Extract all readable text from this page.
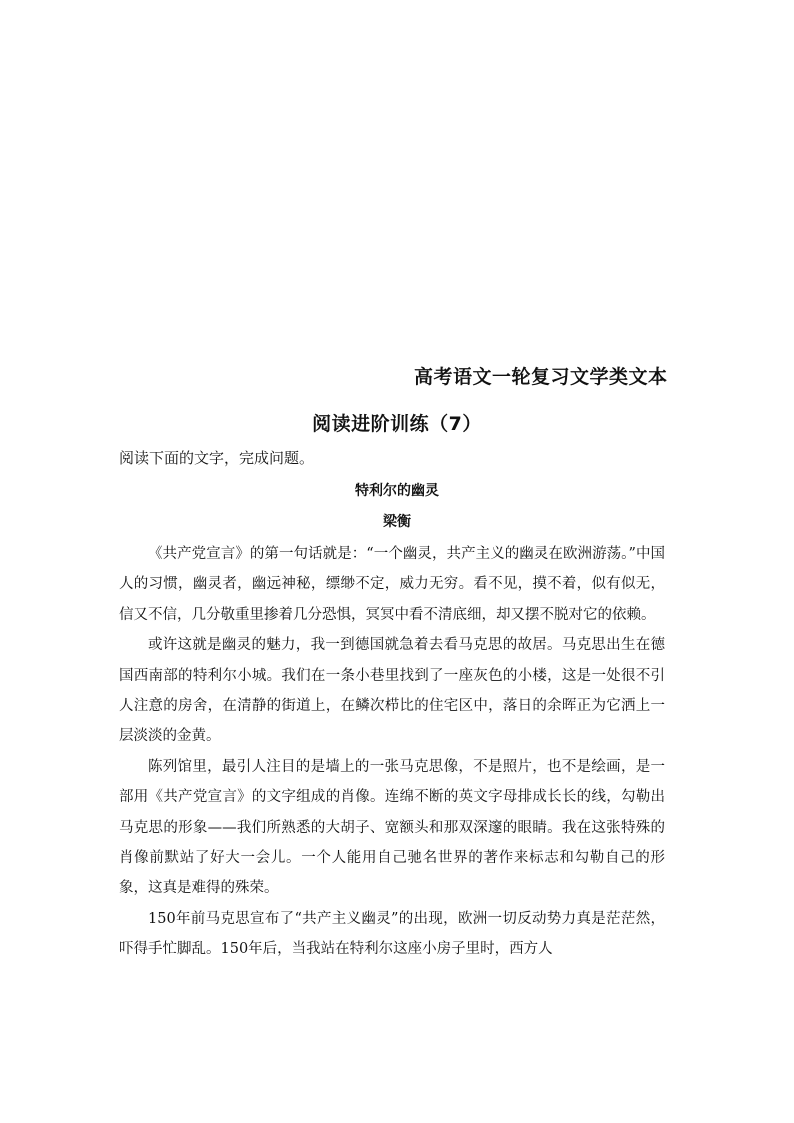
高考语文一轮复习文学类文本
阅读进阶训练（7）
阅读下面的文字，完成问题。
特利尔的幽灵
梁衡

《共产党宣言》的第一句话就是：“一个幽灵，共产主义的幽灵在欧洲游荡。”中国人的习惯，幽灵者，幽远神秘，缥缈不定，威力无穷。看不见，摸不着，似有似无，信又不信，几分敬重里掺着几分恐惧，冥冥中看不清底细，却又摆不脱对它的依赖。

或许这就是幽灵的魅力，我一到德国就急着去看马克思的故居。马克思出生在德国西南部的特利尔小城。我们在一条小巷里找到了一座灰色的小楼，这是一处很不引人注意的房舍，在清静的街道上，在鳞次栉比的住宅区中，落日的余晖正为它洒上一层淡淡的金黄。

陈列馆里，最引人注目的是墙上的一张马克思像，不是照片，也不是绘画，是一部用《共产党宣言》的文字组成的肖像。连绵不断的英文字母排成长长的线，勾勒出马克思的形象——我们所熟悉的大胡子、宽额头和那双深邃的眼睛。我在这张特殊的肖像前默站了好大一会儿。一个人能用自己驰名世界的著作来标志和勾勒自己的形象，这真是难得的殊荣。

150年前马克思宣布了“共产主义幽灵”的出现，欧洲一切反动势力真是茫茫然，吓得手忙脚乱。150年后，当我站在特利尔这座小房子里时，西方人
